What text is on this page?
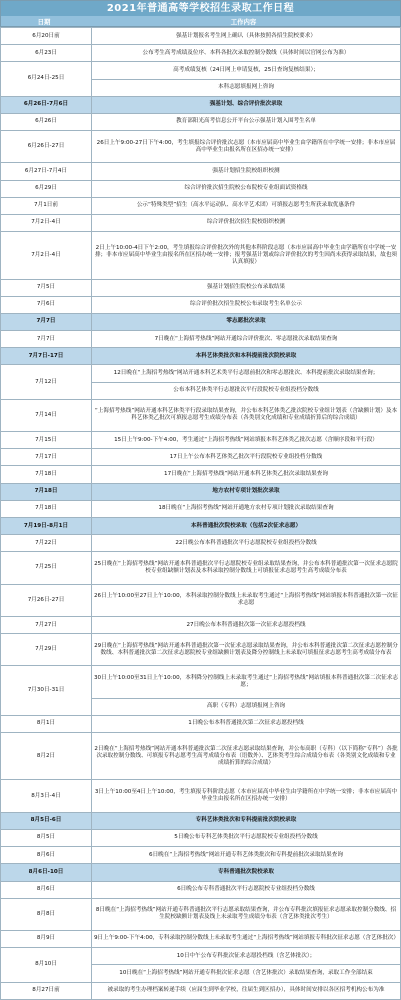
2021年普通高等学校招生录取工作日程
日期	工作内容
6月20日前	强基计划报名考生网上确认（具体按照各招生院校要求）
6月23日	公布考生高考成绩及位序、本科各批次录取控制分数线（具体时间以官网公布为准）
6月24日-25日	高考成绩复核（24日网上申请复核，25日查询复核结果）；
	本科志愿填报网上咨询
6月26日-7月6日	强基计划、综合评价批次录取
6月26日	教育部阳光高考信息公开平台公示强基计划入围考生名单
6月26日-27日	26日上午9:00-27日下午4:00，考生填报综合评价批次志愿（本市应届高中毕业生由学籍所在中学统一安排；非本市应届高中毕业生由报名所在区招办统一安排）
6月27日-7月4日	强基计划招生院校组织校测
6月29日	综合评价批次招生院校公布院校专业组面试资格线
7月1日前	公示“特殊类型”招生（高水平运动队、高水平艺术团）可填报志愿考生所获录取优惠条件
7月2日-4日	综合评价批次招生院校组织校测
7月2日-4日	2日上午10:00-4日下午2:00，考生填报综合评价批次外的其他本科阶段志愿（本市应届高中毕业生由学籍所在中学统一安排；非本市应届高中毕业生由报名所在区招办统一安排；报考强基计划或综合评价批次的考生因尚未获得录取结果，故也须认真填报）
7月5日	强基计划招生院校公布录取结果
7月6日	综合评价批次招生院校公布录取考生名单公示
7月7日	零志愿批次录取
7月7日	7日晚在“上海招考热线”网站开通综合评价批次、零志愿批次录取结果查询
7月7日-17日	本科艺体类批次和本科提前批次院校录取
7月12日	12日晚在“上海招考热线”网站开通本科艺术类平行志愿前批次和零志愿批次、本科提前批次录取结果查询；
	公布本科艺体类平行志愿批次平行段院校专业组投档分数线
7月14日	“上海招考热线”网站开通本科艺体类平行段录取结果查询，并公布本科艺体类乙批次院校专业组计划表（含缺额计划）及本科艺体类乙批次可填报志愿考生成绩分布表（各类别文化成绩和专业成绩折算后的综合成绩）
7月15日	15日上午9:00-下午4:00，考生通过“上海招考热线”网站填报本科艺体类乙批次志愿（含顺序段和平行段）
7月17日	17日上午公布本科艺体类乙批次平行段院校专业组投档分数线
7月18日	17日晚在“上海招考热线”网站开通本科艺体类乙批次录取结果查询
7月18日	地方农村专项计划批次录取
7月18日	18日晚在“上海招考热线”网站开通地方农村专项计划批次录取结果查询
7月19日-8月1日	本科普通批次院校录取（包括2次征求志愿）
7月22日	22日晚公布本科普通批次平行志愿院校专业组投档分数线
7月25日	25日晚在“上海招考热线”网站开通本科普通批次平行志愿院校专业组录取结果查询，并公布本科普通批次第一次征求志愿院校专业组缺额计划表及本科录取控制分数线上可填报征求志愿考生高考成绩分布表
7月26日-27日	26日上午10:00至27日上午10:00，本科录取控制分数线上未录取考生通过“上海招考热线”网站填报本科普通批次第一次征求志愿
7月27日	27日晚公布本科普通批次第一次征求志愿投档线
7月29日	29日晚在“上海招考热线”网站开通本科普通批次第一次征求志愿录取结果查询，并公布本科普通批次第二次征求志愿控制分数线、本科普通批次第二次征求志愿院校专业组缺额计划表及降分控制线上未录取可填报征求志愿考生高考成绩分布表
7月30日-31日	30日上午10:00至31日上午10:00，本科降分控制线上未录取考生通过“上海招考热线”网站填报本科普通批次第二次征求志愿；
	高职（专科）志愿填报网上咨询
8月1日	1日晚公布本科普通批次第二次征求志愿投档线
8月2日	2日晚在“上海招考热线”网站开通本科普通批次第二次征求志愿录取结果查询，并公布高职（专科）（以下简称“专科”）各批次录取控制分数线、可填报专科志愿考生高考成绩分布表（语数外）、艺体类考生综合成绩分布表（各类别文化成绩和专业成绩折算的综合成绩）
8月3日-4日	3日上午10:00至4日上午10:00，考生填报专科阶段志愿（本市应届高中毕业生由学籍所在中学统一安排；非本市应届高中毕业生由报名所在区招办统一安排）
8月5日-6日	专科艺体类批次和专科提前批次院校录取
8月5日	5日晚公布专科艺体类批次平行志愿院校专业组投档分数线
8月6日	6日晚在“上海招考热线”网站开通专科艺体类批次和专科提前批次录取结果查询
8月6日-10日	专科普通批次院校录取
8月6日	6日晚公布专科普通批次平行志愿院校专业组投档分数线
8月8日	8日晚在“上海招考热线”网站开通专科普通批次平行志愿录取结果查询，并公布专科批次填报征求志愿录取控制分数线、招生院校缺额计划表及线上未录取考生成绩分布表（含艺体类批次考生）
8月9日	9日上午9:00-下午4:00，专科录取控制分数线上未录取考生通过“上海招考热线”网站填报专科批次征求志愿（含艺体批次）
8月10日	10日中午公布专科批次征求志愿投档线（含艺体批次）；
	10日晚在“上海招考热线”网站开通专科批次征求志愿（含艺体批次）录取结果查询，录取工作全部结束
8月27日前	被录取的考生办理档案转递手续（应届生到毕业学校，往届生到区招办），具体时间安排以各区招考机构公布为准
